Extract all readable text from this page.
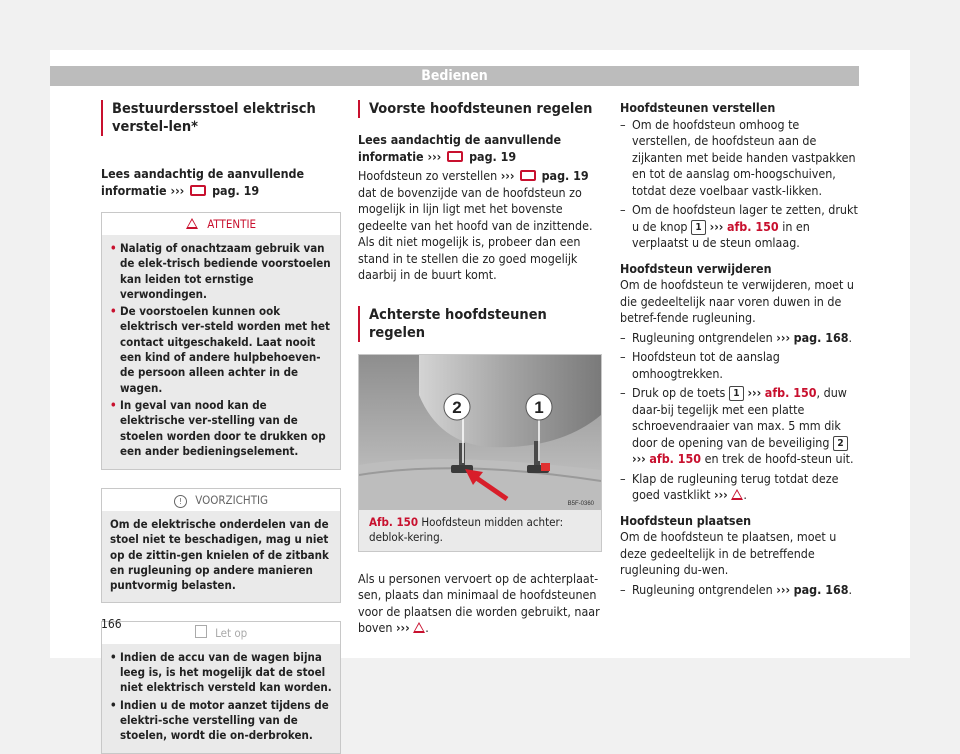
Bedienen
Bestuurdersstoel elektrisch verstel-len*

Lees aandachtig de aanvullende informatie ››› pag. 19

ATTENTIE
• Nalatig of onachtzaam gebruik van de elek-trisch bediende voorstoelen kan leiden tot ernstige verwondingen.
• De voorstoelen kunnen ook elektrisch ver-steld worden met het contact uitgeschakeld. Laat nooit een kind of andere hulpbehoeven-de persoon alleen achter in de wagen.
• In geval van nood kan de elektrische ver-stelling van de stoelen worden door te drukken op een ander bedieningselement.
! VOORZICHTIG
Om de elektrische onderdelen van de stoel niet te beschadigen, mag u niet op de zittin-gen knielen of de zitbank en rugleuning op andere manieren puntvormig belasten.
Let op
• Indien de accu van de wagen bijna leeg is, is het mogelijk dat de stoel niet elektrisch versteld kan worden.
• Indien u de motor aanzet tijdens de elektri-sche verstelling van de stoelen, wordt die on-derbroken.
Voorste hoofdsteunen regelen

Lees aandachtig de aanvullende informatie ››› pag. 19

Hoofdsteun zo verstellen ››› pag. 19 dat de bovenzijde van de hoofdsteun zo mogelijk in lijn ligt met het bovenste gedeelte van het hoofd van de inzittende. Als dit niet mogelijk is, probeer dan een stand in te stellen die zo goed mogelijk daarbij in de buurt komt.

Achterste hoofdsteunen regelen
2	1
B5F-0360
Afb. 150 Hoofdsteun midden achter: deblok-kering.

Als u personen vervoert op de achterplaat-sen, plaats dan minimaal de hoofdsteunen voor de plaatsen die worden gebruikt, naar boven ››› .

Hoofdsteunen verstellen

– Om de hoofdsteun omhoog te verstellen, de hoofdsteun aan de zijkanten met beide handen vastpakken en tot de aanslag om-hoogschuiven, totdat deze voelbaar vastk-likken.
– Om de hoofdsteun lager te zetten, drukt u de knop 1 ››› afb. 150 in en verplaatst u de steun omlaag.

Hoofdsteun verwijderen

Om de hoofdsteun te verwijderen, moet u die gedeeltelijk naar voren duwen in de betref-fende rugleuning.

– Rugleuning ontgrendelen ››› pag. 168.
– Hoofdsteun tot de aanslag omhoogtrekken.
– Druk op de toets 1 ››› afb. 150, duw daar-bij tegelijk met een platte schroevendraaier van max. 5 mm dik door de opening van de beveiliging 2 ››› afb. 150 en trek de hoofd-steun uit.
– Klap de rugleuning terug totdat deze goed vastklikt ››› .

Hoofdsteun plaatsen

Om de hoofdsteun te plaatsen, moet u deze gedeeltelijk in de betreffende rugleuning du-wen.

– Rugleuning ontgrendelen ››› pag. 168.
166
